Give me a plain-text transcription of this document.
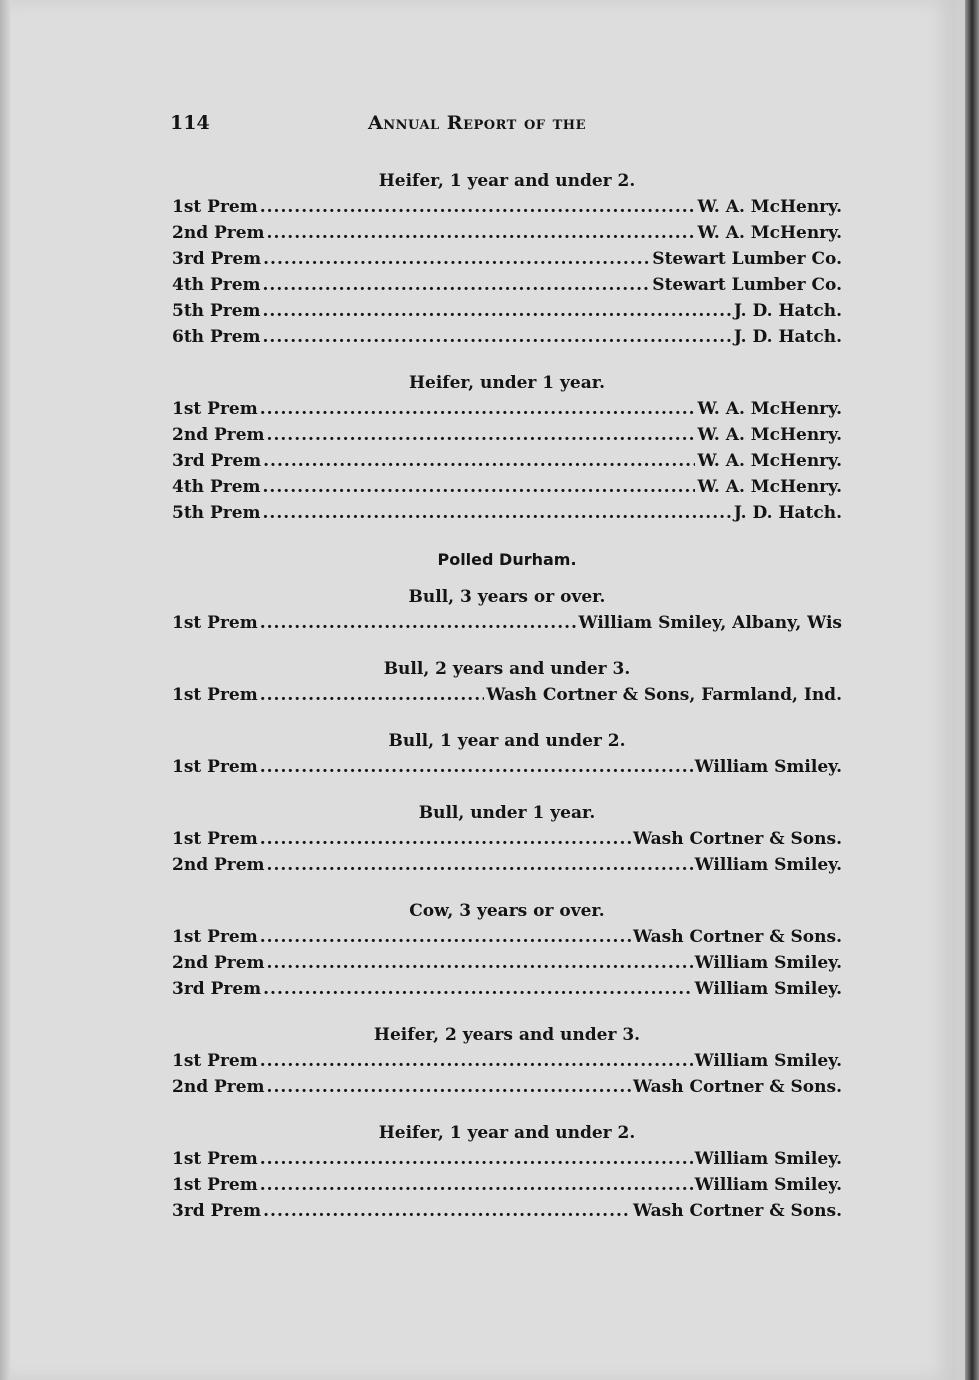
114	Annual Report of the
Heifer, 1 year and under 2.
1st Prem .....	W. A. McHenry.
2nd Prem .....	W. A. McHenry.
3rd Prem .....	Stewart Lumber Co.
4th Prem .....	Stewart Lumber Co.
5th Prem .....	J. D. Hatch.
6th Prem .....	J. D. Hatch.
Heifer, under 1 year.
1st Prem .....	W. A. McHenry.
2nd Prem .....	W. A. McHenry.
3rd Prem .....	W. A. McHenry.
4th Prem .....	W. A. McHenry.
5th Prem .....	J. D. Hatch.
Polled Durham.
Bull, 3 years or over.
1st Prem .....	William Smiley, Albany, Wis
Bull, 2 years and under 3.
1st Prem .....	Wash Cortner & Sons, Farmland, Ind.
Bull, 1 year and under 2.
1st Prem .....	William Smiley.
Bull, under 1 year.
1st Prem .....	Wash Cortner & Sons.
2nd Prem .....	William Smiley.
Cow, 3 years or over.
1st Prem .....	Wash Cortner & Sons.
2nd Prem .....	William Smiley.
3rd Prem .....	William Smiley.
Heifer, 2 years and under 3.
1st Prem .....	William Smiley.
2nd Prem .....	Wash Cortner & Sons.
Heifer, 1 year and under 2.
1st Prem .....	William Smiley.
1st Prem .....	William Smiley.
3rd Prem .....	Wash Cortner & Sons.
